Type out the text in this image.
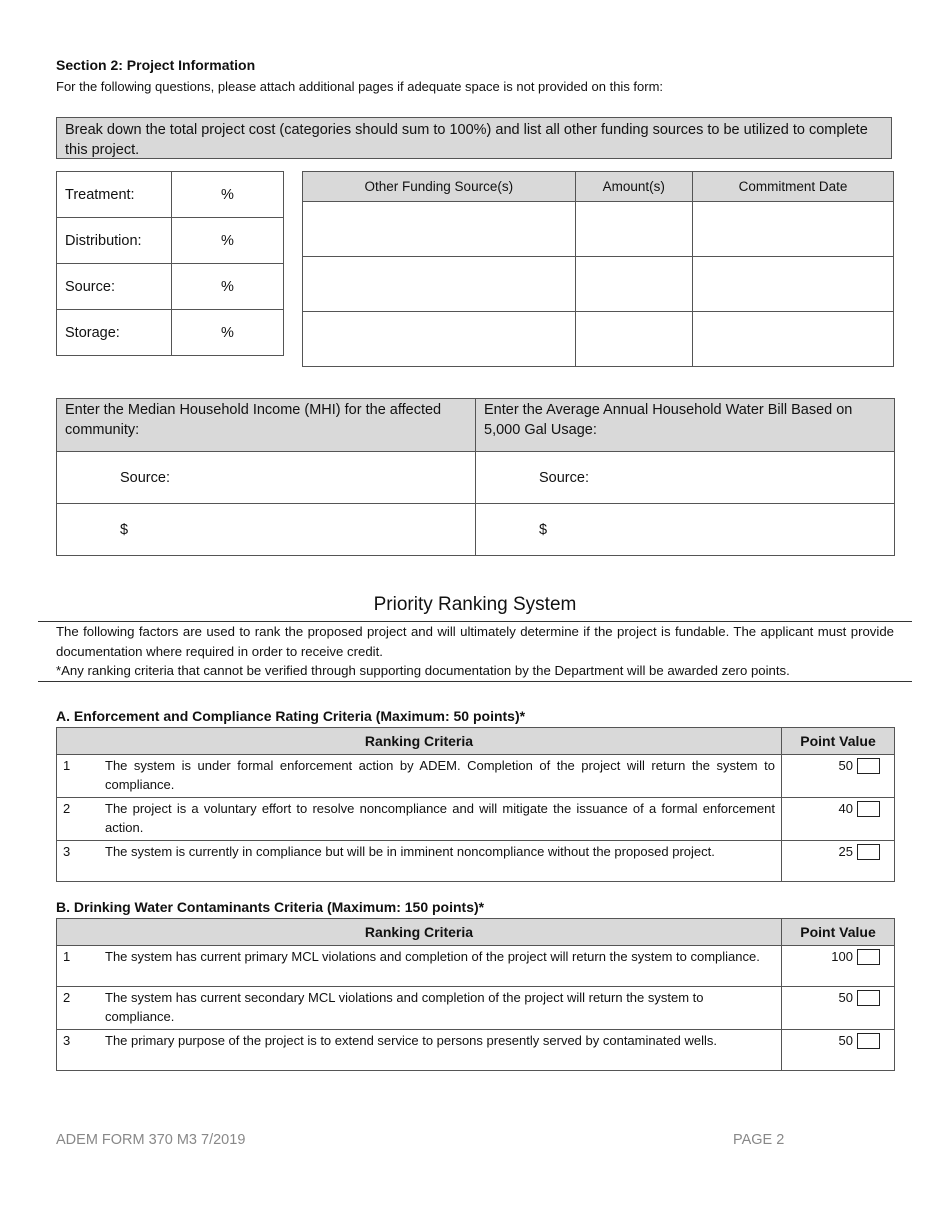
Section 2: Project Information
For the following questions, please attach additional pages if adequate space is not provided on this form:
Break down the total project cost (categories should sum to 100%) and list all other funding sources to be utilized to complete this project.
Treatment:	%
Distribution:	%
Source:	%
Storage:	%
Other Funding Source(s)	Amount(s)	Commitment Date

Enter the Median Household Income (MHI) for the affected community:	Enter the Average Annual Household Water Bill Based on 5,000 Gal Usage:
Source:	Source:
$	$
Priority Ranking System
The following factors are used to rank the proposed project and will ultimately determine if the project is fundable. The applicant must provide documentation where required in order to receive credit.
*Any ranking criteria that cannot be verified through supporting documentation by the Department will be awarded zero points.
A. Enforcement and Compliance Rating Criteria (Maximum: 50 points)*
Ranking Criteria		Point Value
1	The system is under formal enforcement action by ADEM. Completion of the project will return the system to compliance.	50
2	The project is a voluntary effort to resolve noncompliance and will mitigate the issuance of a formal enforcement action.	40
3	The system is currently in compliance but will be in imminent noncompliance without the proposed project.	25
B. Drinking Water Contaminants Criteria (Maximum: 150 points)*
Ranking Criteria		Point Value
1	The system has current primary MCL violations and completion of the project will return the system to compliance.	100
2	The system has current secondary MCL violations and completion of the project will return the system to compliance.	50
3	The primary purpose of the project is to extend service to persons presently served by contaminated wells.	50
ADEM FORM 370 M3 7/2019	PAGE 2
